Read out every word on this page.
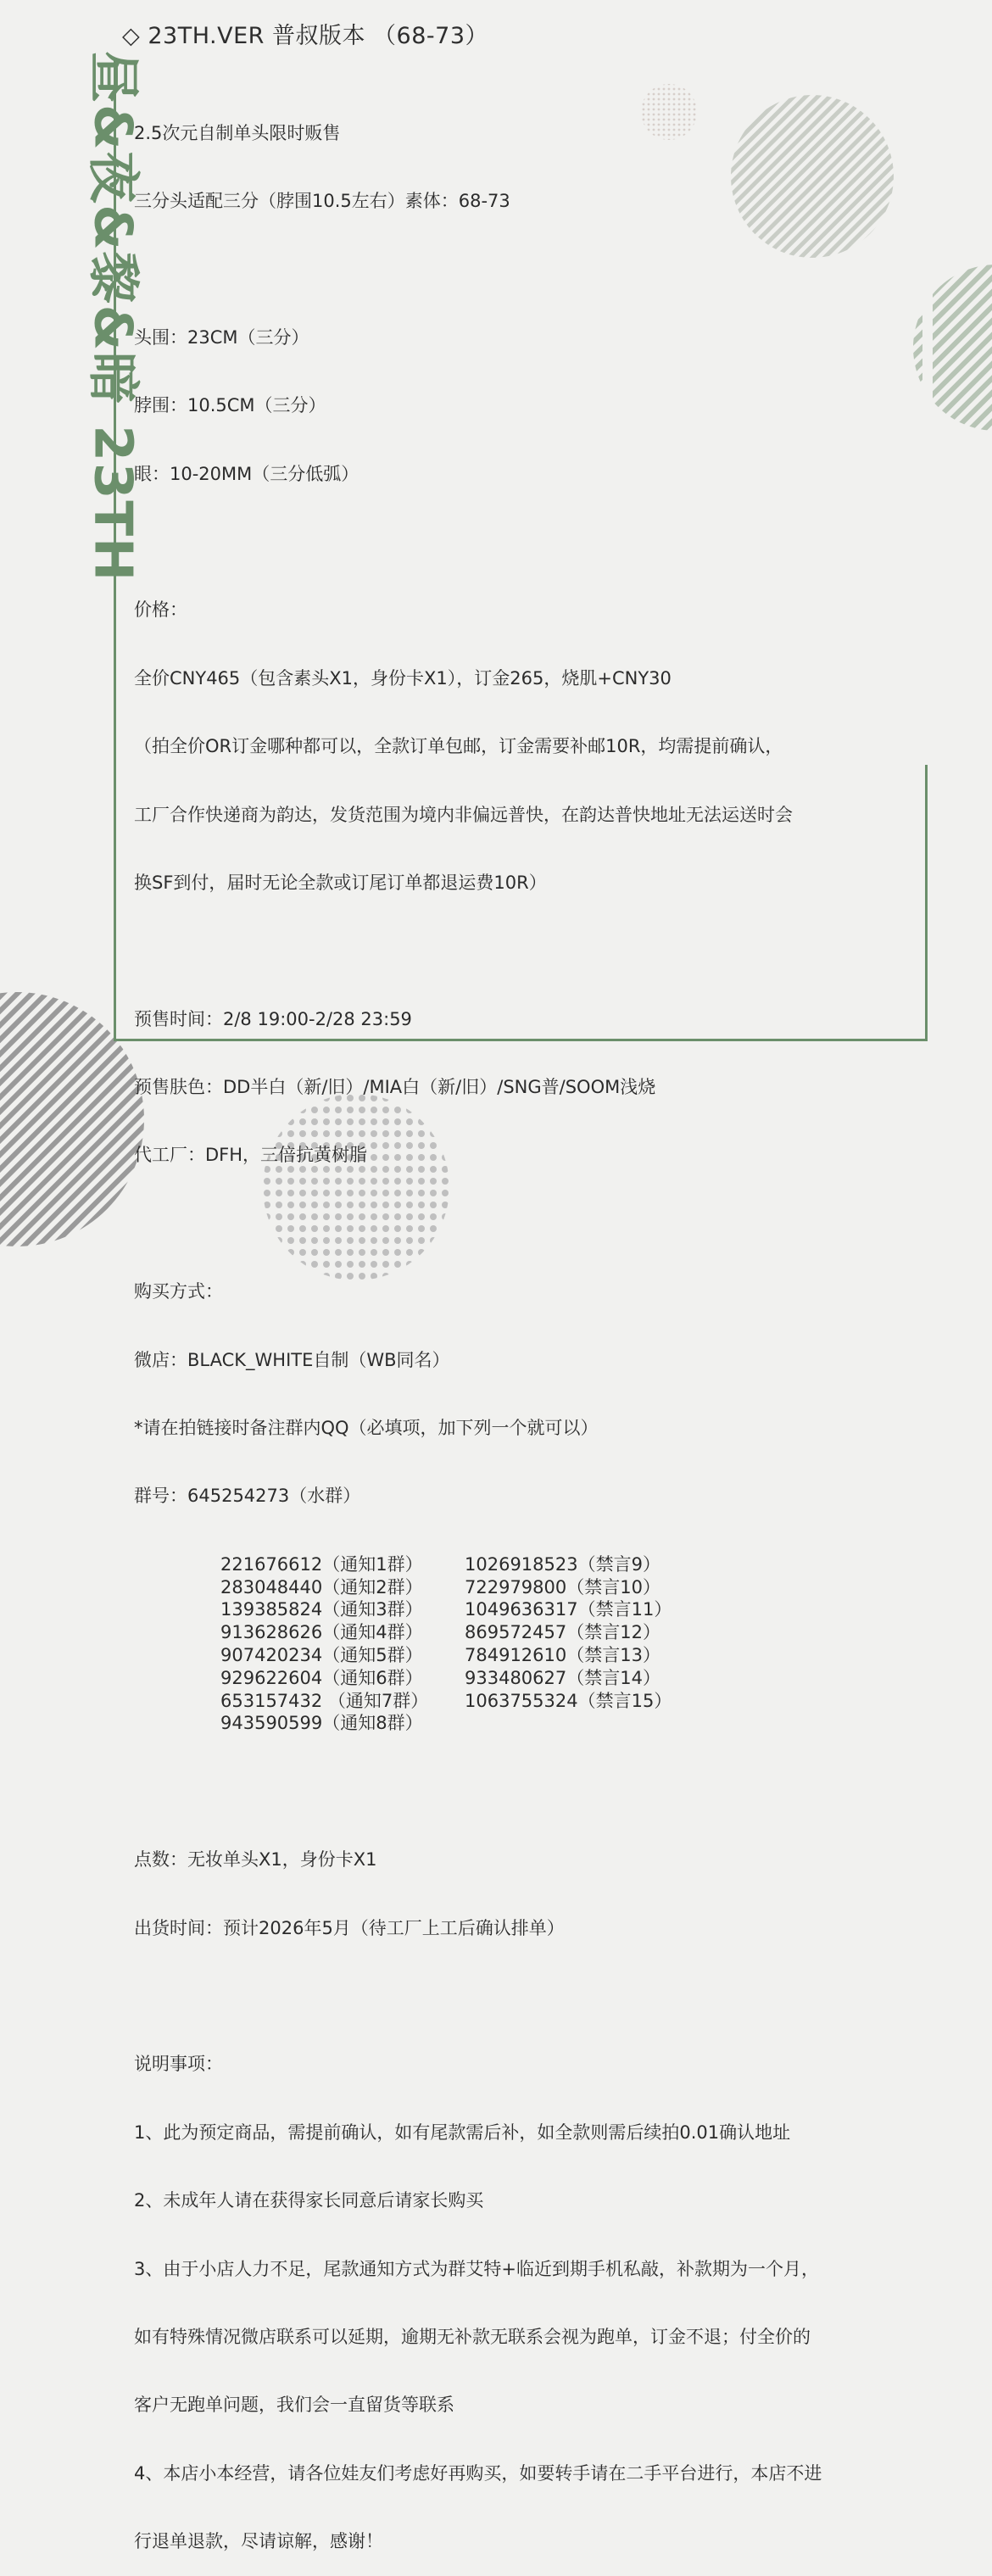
◇ 23TH.VER 普叔版本 （68-73）
昼&夜&黎&暗 23TH

2.5次元自制单头限时贩售

三分头适配三分（脖围10.5左右）素体：68-73

头围：23CM（三分）

脖围：10.5CM（三分）

眼：10-20MM（三分低弧）

价格：

全价CNY465（包含素头X1，身份卡X1），订金265，烧肌+CNY30

（拍全价OR订金哪种都可以，全款订单包邮，订金需要补邮10R，均需提前确认，

工厂合作快递商为韵达，发货范围为境内非偏远普快，在韵达普快地址无法运送时会

换SF到付，届时无论全款或订尾订单都退运费10R）

预售时间：2/8 19:00-2/28 23:59

预售肤色：DD半白（新/旧）/MIA白（新/旧）/SNG普/SOOM浅烧

代工厂：DFH，三倍抗黄树脂

购买方式：

微店：BLACK_WHITE自制（WB同名）

*请在拍链接时备注群内QQ（必填项，加下列一个就可以）

群号：645254273（水群）

221676612（通知1群）	1026918523（禁言9）
283048440（通知2群）	722979800（禁言10）
139385824（通知3群）	1049636317（禁言11）
913628626（通知4群）	869572457（禁言12）
907420234（通知5群）	784912610（禁言13）
929622604（通知6群）	933480627（禁言14）
653157432 （通知7群）	1063755324（禁言15）
943590599（通知8群）

点数：无妆单头X1，身份卡X1

出货时间：预计2026年5月（待工厂上工后确认排单）

说明事项：

1、此为预定商品，需提前确认，如有尾款需后补，如全款则需后续拍0.01确认地址

2、未成年人请在获得家长同意后请家长购买

3、由于小店人力不足，尾款通知方式为群艾特+临近到期手机私敲，补款期为一个月，

如有特殊情况微店联系可以延期，逾期无补款无联系会视为跑单，订金不退；付全价的

客户无跑单问题，我们会一直留货等联系

4、本店小本经营，请各位娃友们考虑好再购买，如要转手请在二手平台进行，本店不进

行退单退款，尽请谅解，感谢！
